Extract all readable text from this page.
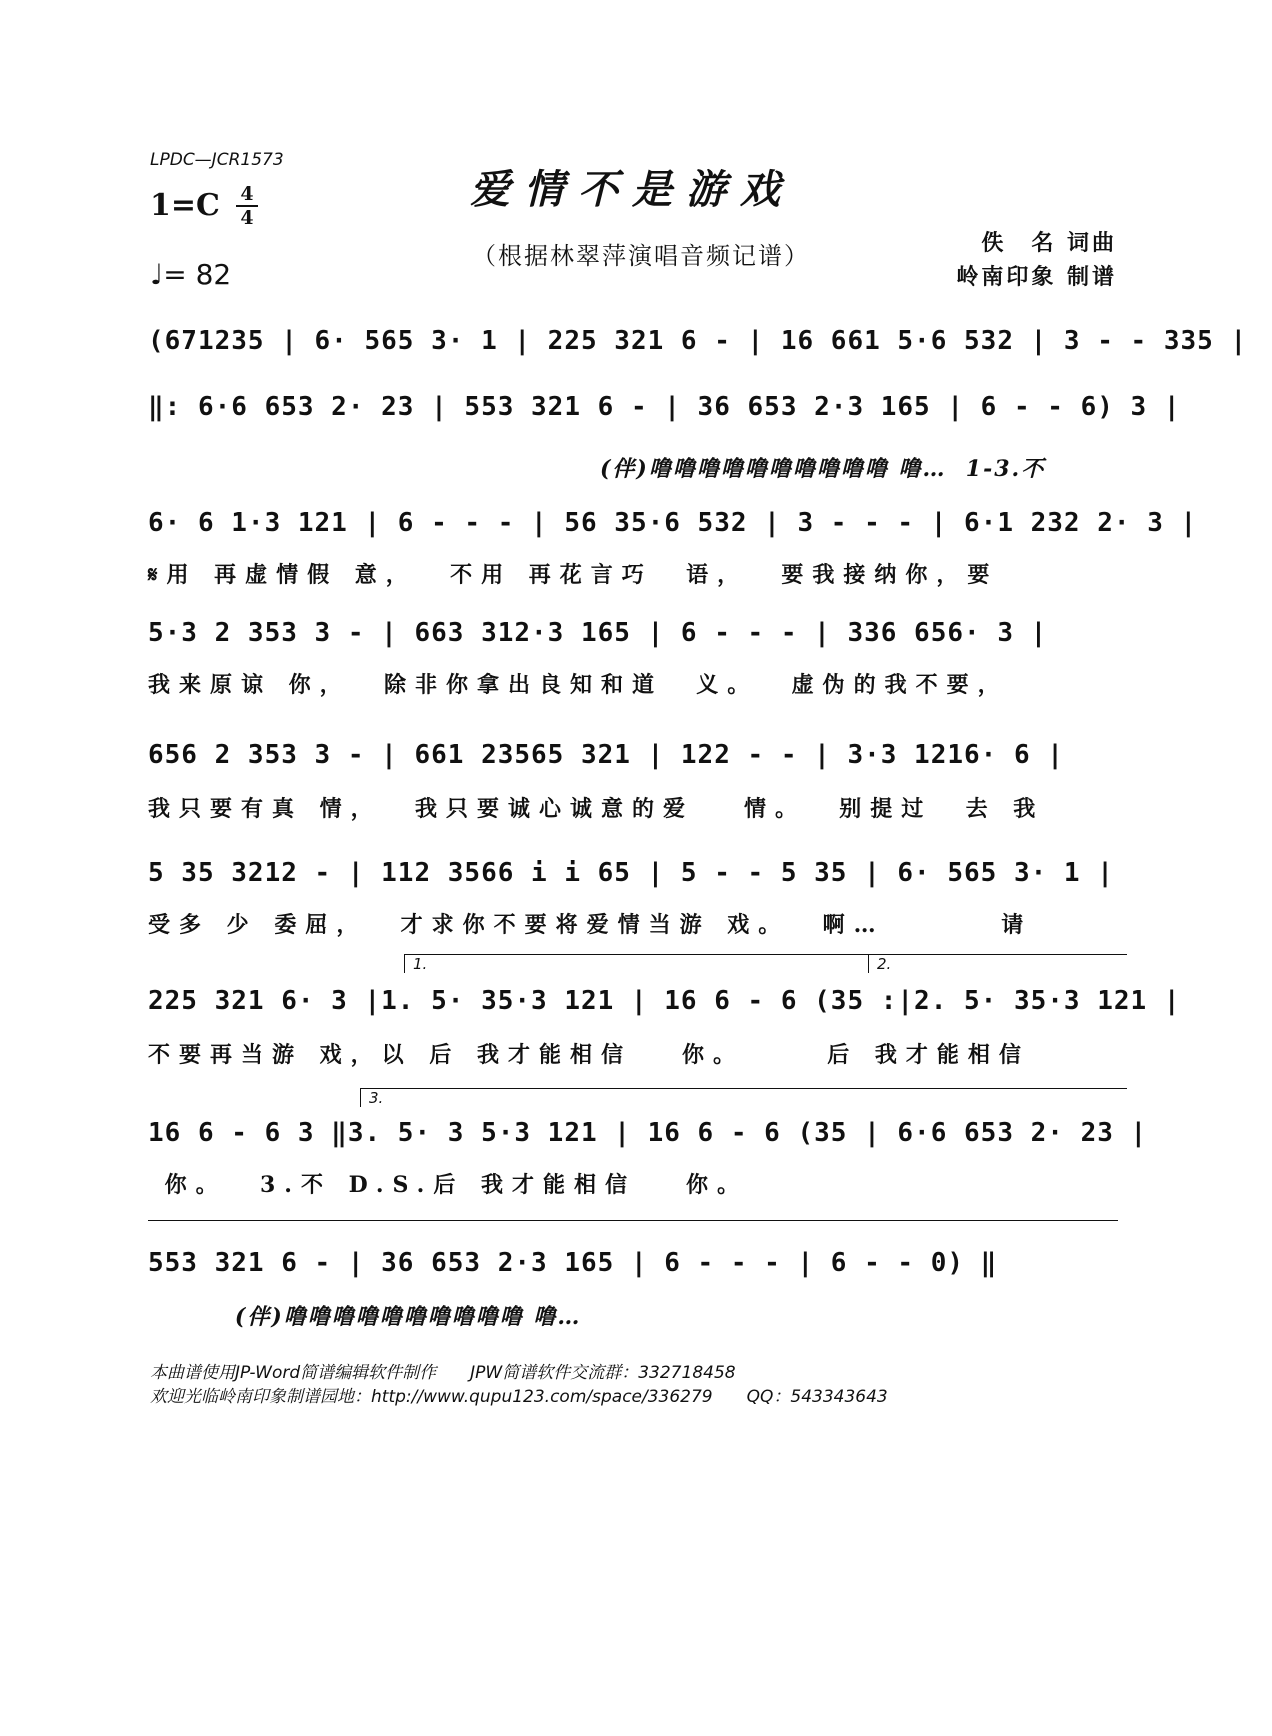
LPDC—JCR1573
1=C 4
4
♩= 82
爱情不是游戏
（根据林翠萍演唱音频记谱）	佚　名 词曲
岭南印象 制谱
(671235 | 6· 565 3· 1 | 225 321 6 - | 16 661 5·6 532 | 3 - - 335 |
‖: 6·6 653 2· 23 | 553 321 6 - | 36 653 2·3 165 | 6 - - 6) 3 |
(伴)噜噜噜噜噜噜噜噜噜噜 噜…  1-3.不
6· 6 1·3 121 | 6 - - - | 56 35·6 532 | 3 - - - | 6·1 232 2· 3 |
𝄋用 再虚情假 意，  不用 再花言巧  语，  要我接纳你，要
5·3 2 353 3 - | 663 312·3 165 | 6 - - - | 336 656· 3 |
我来原谅 你，  除非你拿出良知和道  义。  虚伪的我不要，
656 2 353 3 - | 661 23565 321 | 122 - - | 3·3 1216· 6 |
我只要有真 情，  我只要诚心诚意的爱   情。  别提过  去 我
5 35 3212 - | 112 3566 i i 65 | 5 - - 5 35 | 6· 565 3· 1 |
受多 少 委屈，  才求你不要将爱情当游 戏。  啊…       请
1.	2.
225 321 6· 3 |1. 5· 35·3 121 | 16 6 - 6 (35 :|2. 5· 35·3 121 |
不要再当游 戏，以 后 我才能相信   你。     后 我才能相信
3.
16 6 - 6 3 ‖3. 5· 3 5·3 121 | 16 6 - 6 (35 | 6·6 653 2· 23 |
你。  3.不 D.S.后 我才能相信   你。
553 321 6 - | 36 653 2·3 165 | 6 - - - | 6 - - 0) ‖
(伴)噜噜噜噜噜噜噜噜噜噜 噜…
本曲谱使用JP-Word简谱编辑软件制作　　JPW简谱软件交流群：332718458
欢迎光临岭南印象制谱园地：http://www.qupu123.com/space/336279　　QQ：543343643
